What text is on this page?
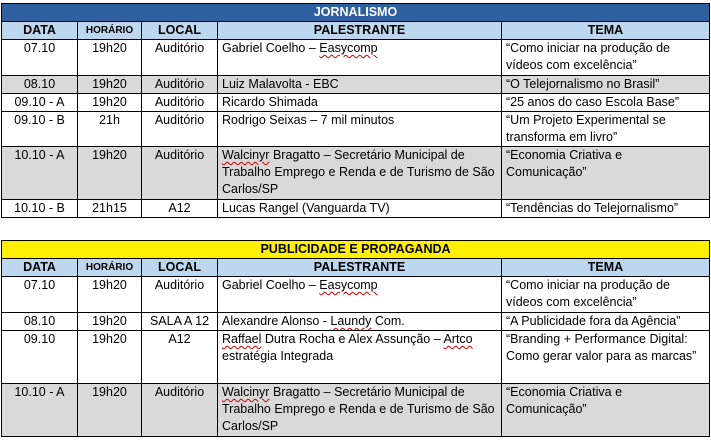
JORNALISMO				
DATA	HORÁRIO	LOCAL	PALESTRANTE	TEMA
07.10	19h20	Auditório	Gabriel Coelho – Easycomp	“Como iniciar na produção de vídeos com excelência”
08.10	19h20	Auditório	Luiz Malavolta - EBC	“O Telejornalismo no Brasil”
09.10 - A	19h20	Auditório	Ricardo Shimada	“25 anos do caso Escola Base”
09.10 - B	21h	Auditório	Rodrigo Seixas – 7 mil minutos	“Um Projeto Experimental se transforma em livro”
10.10 - A	19h20	Auditório	Walcinyr Bragatto – Secretário Municipal de Trabalho Emprego e Renda e de Turismo de São Carlos/SP	“Economia Criativa e Comunicação”
10.10 - B	21h15	A12	Lucas Rangel (Vanguarda TV)	“Tendências do Telejornalismo”
PUBLICIDADE E PROPAGANDA				
DATA	HORÁRIO	LOCAL	PALESTRANTE	TEMA
07.10	19h20	Auditório	Gabriel Coelho – Easycomp	“Como iniciar na produção de vídeos com excelência”
08.10	19h20	SALA A 12	Alexandre Alonso - Laundy Com.	“A Publicidade fora da Agência”
09.10	19h20	A12	Raffael Dutra Rocha e Alex Assunção – Artco estratégia Integrada	“Branding + Performance Digital: Como gerar valor para as marcas”
10.10 - A	19h20	Auditório	Walcinyr Bragatto – Secretário Municipal de Trabalho Emprego e Renda e de Turismo de São Carlos/SP	“Economia Criativa e Comunicação”
